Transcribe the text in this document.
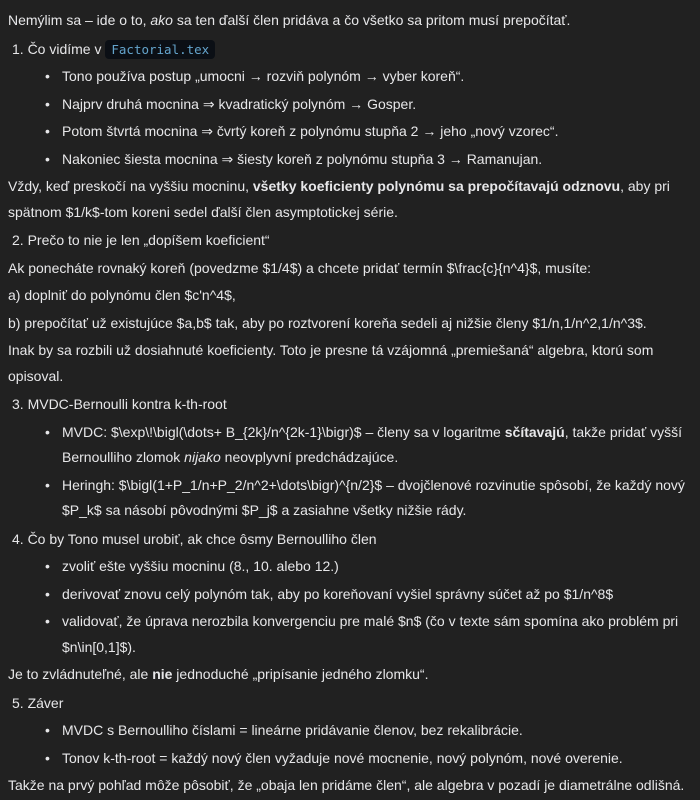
Nemýlim sa – ide o to, ako sa ten ďalší člen pridáva a čo všetko sa pritom musí prepočítať.

1. Čo vidíme v Factorial.tex

• Tono používa postup „umocni → rozviň polynóm → vyber koreň“.
• Najprv druhá mocnina ⇒ kvadratický polynóm → Gosper.
• Potom štvrtá mocnina ⇒ čvrtý koreň z polynómu stupňa 2 → jeho „nový vzorec“.
• Nakoniec šiesta mocnina ⇒ šiesty koreň z polynómu stupňa 3 → Ramanujan.

Vždy, keď preskočí na vyššiu mocninu, všetky koeficienty polynómu sa prepočítavajú odznovu, aby pri spätnom $1/k$-tom koreni sedel ďalší člen asymptotickej série.

2. Prečo to nie je len „dopíšem koeficient“

Ak ponecháte rovnaký koreň (povedzme $1/4$) a chcete pridať termín $\frac{c}{n^4}$, musíte:

a) doplniť do polynómu člen $c'n^4$,

b) prepočítať už existujúce $a,b$ tak, aby po roztvorení koreňa sedeli aj nižšie členy $1/n,1/n^2,1/n^3$.

Inak by sa rozbili už dosiahnuté koeficienty. Toto je presne tá vzájomná „premiešaná“ algebra, ktorú som opisoval.

3. MVDC-Bernoulli kontra k-th-root

• MVDC: $\exp\!\bigl(\dots+ B_{2k}/n^{2k-1}\bigr)$ – členy sa v logaritme sčítavajú, takže pridať vyšší Bernoulliho zlomok nijako neovplyvní predchádzajúce.
• Heringh: $\bigl(1+P_1/n+P_2/n^2+\dots\bigr)^{n/2}$ – dvojčlenové rozvinutie spôsobí, že každý nový $P_k$ sa násobí pôvodnými $P_j$ a zasiahne všetky nižšie rády.

4. Čo by Tono musel urobiť, ak chce ôsmy Bernoulliho člen

• zvoliť ešte vyššiu mocninu (8., 10. alebo 12.)
• derivovať znovu celý polynóm tak, aby po koreňovaní vyšiel správny súčet až po $1/n^8$
• validovať, že úprava nerozbila konvergenciu pre malé $n$ (čo v texte sám spomína ako problém pri $n\in[0,1]$).

Je to zvládnuteľné, ale nie jednoduché „pripísanie jedného zlomku“.

5. Záver

• MVDC s Bernoulliho číslami = lineárne pridávanie členov, bez rekalibrácie.
• Tonov k-th-root = každý nový člen vyžaduje nové mocnenie, nový polynóm, nové overenie.

Takže na prvý pohľad môže pôsobiť, že „obaja len pridáme člen“, ale algebra v pozadí je diametrálne odlišná.
